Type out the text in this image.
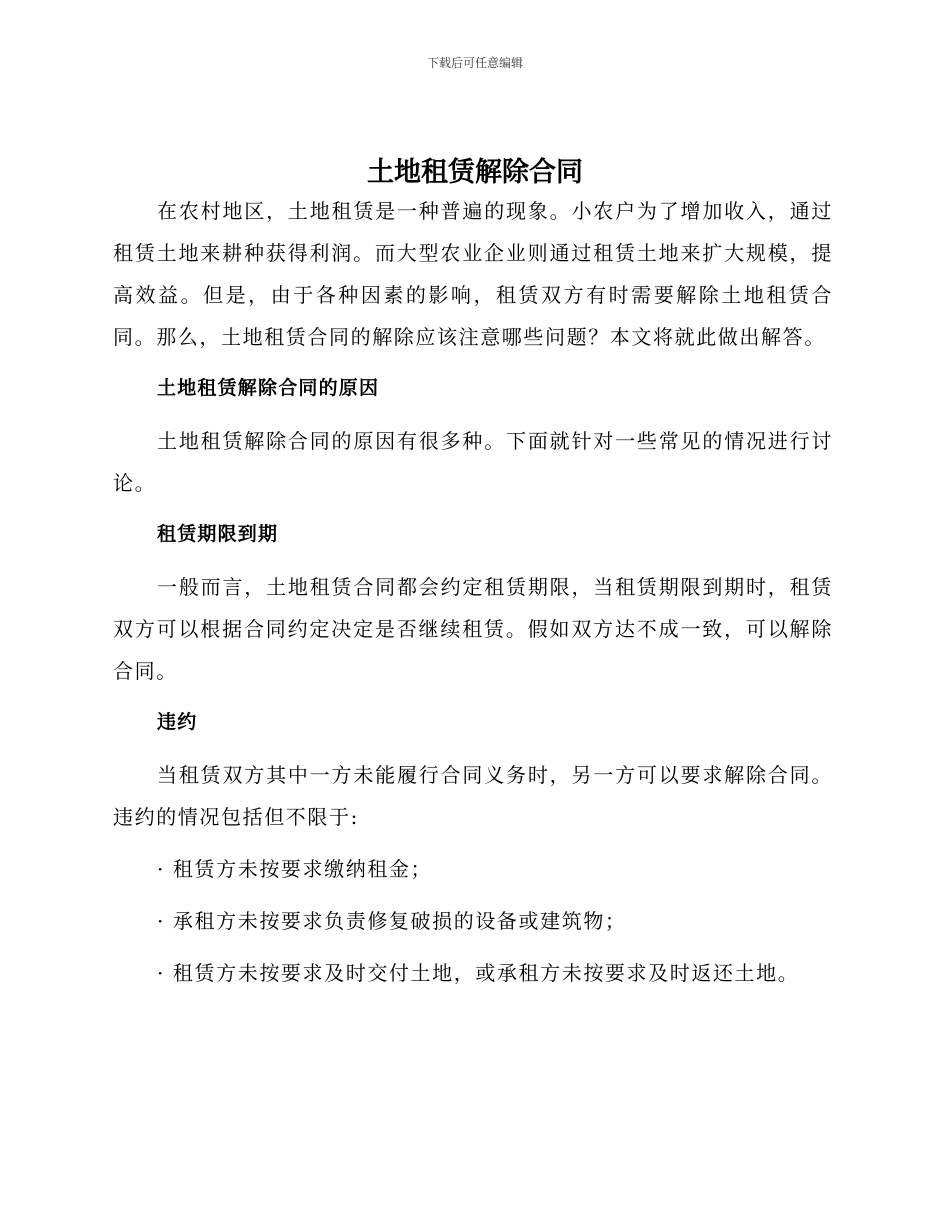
下载后可任意编辑
土地租赁解除合同

在农村地区，土地租赁是一种普遍的现象。小农户为了增加收入，通过租赁土地来耕种获得利润。而大型农业企业则通过租赁土地来扩大规模，提高效益。但是，由于各种因素的影响，租赁双方有时需要解除土地租赁合同。那么，土地租赁合同的解除应该注意哪些问题？本文将就此做出解答。

土地租赁解除合同的原因

土地租赁解除合同的原因有很多种。下面就针对一些常见的情况进行讨论。

租赁期限到期

一般而言，土地租赁合同都会约定租赁期限，当租赁期限到期时，租赁双方可以根据合同约定决定是否继续租赁。假如双方达不成一致，可以解除合同。

违约

当租赁双方其中一方未能履行合同义务时，另一方可以要求解除合同。违约的情况包括但不限于:

· 租赁方未按要求缴纳租金；
· 承租方未按要求负责修复破损的设备或建筑物；
· 租赁方未按要求及时交付土地，或承租方未按要求及时返还土地。
